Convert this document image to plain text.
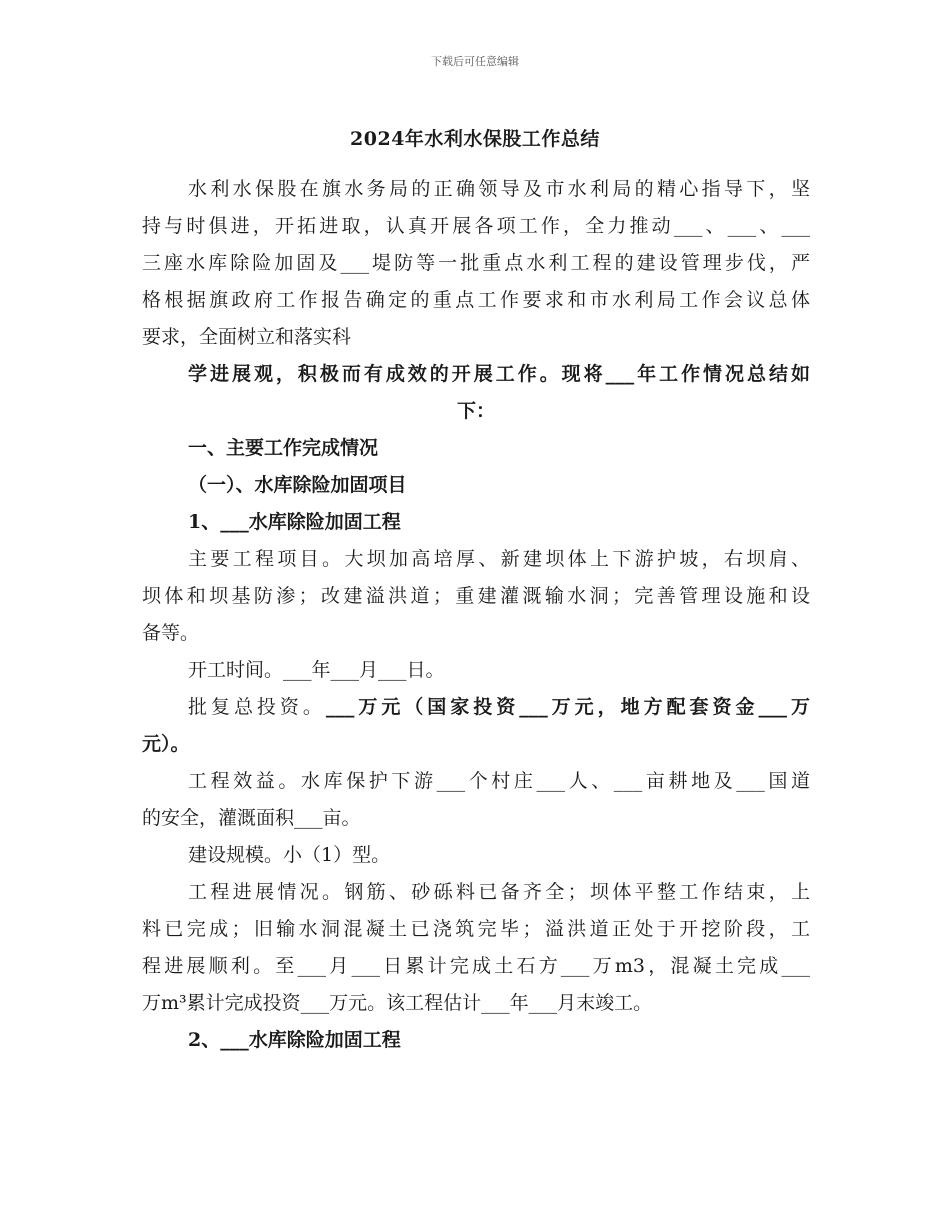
下载后可任意编辑
2024年水利水保股工作总结
水利水保股在旗水务局的正确领导及市水利局的精心指导下，坚
持与时俱进，开拓进取，认真开展各项工作，全力推动___、___、___
三座水库除险加固及___堤防等一批重点水利工程的建设管理步伐，严
格根据旗政府工作报告确定的重点工作要求和市水利局工作会议总体
要求，全面树立和落实科
学进展观，积极而有成效的开展工作。现将___年工作情况总结如
下：
一、主要工作完成情况
（一）、水库除险加固项目
1、___水库除险加固工程
主要工程项目。大坝加高培厚、新建坝体上下游护坡，右坝肩、
坝体和坝基防渗；改建溢洪道；重建灌溉输水洞；完善管理设施和设
备等。
开工时间。___年___月___日。
批复总投资。___万元（国家投资___万元，地方配套资金___万
元）。
工程效益。水库保护下游___个村庄___人、___亩耕地及___国道
的安全，灌溉面积___亩。
建设规模。小（1）型。
工程进展情况。钢筋、砂砾料已备齐全；坝体平整工作结束，上
料已完成；旧输水洞混凝土已浇筑完毕；溢洪道正处于开挖阶段，工
程进展顺利。至___月___日累计完成土石方___万m3，混凝土完成___
万m³累计完成投资___万元。该工程估计___年___月末竣工。
2、___水库除险加固工程
